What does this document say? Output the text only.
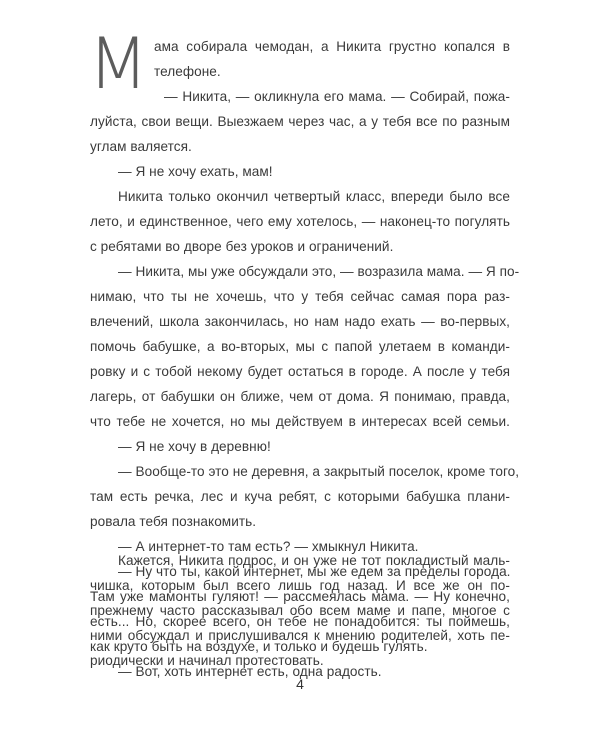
М ама собирала чемодан, а Никита грустно копался в
телефоне.
— Никита, — окликнула его мама. — Собирай, пожа-
луйста, свои вещи. Выезжаем через час, а у тебя все по разным
углам валяется.
— Я не хочу ехать, мам!
Никита только окончил четвертый класс, впереди было все
лето, и единственное, чего ему хотелось, — наконец-то погулять
с ребятами во дворе без уроков и ограничений.
— Никита, мы уже обсуждали это, — возразила мама. — Я по-
нимаю, что ты не хочешь, что у тебя сейчас самая пора раз-
влечений, школа закончилась, но нам надо ехать — во-первых,
помочь бабушке, а во-вторых, мы с папой улетаем в команди-
ровку и с тобой некому будет остаться в городе. А после у тебя
лагерь, от бабушки он ближе, чем от дома. Я понимаю, правда,
что тебе не хочется, но мы действуем в интересах всей семьи.
— Я не хочу в деревню!
— Вообще-то это не деревня, а закрытый поселок, кроме того,
там есть речка, лес и куча ребят, с которыми бабушка плани-
ровала тебя познакомить.
— А интернет-то там есть? — хмыкнул Никита.
— Ну что ты, какой интернет, мы же едем за пределы города.
Там уже мамонты гуляют! — рассмеялась мама. — Ну конечно,
есть... Но, скорее всего, он тебе не понадобится: ты поймешь,
как круто быть на воздухе, и только и будешь гулять.
— Вот, хоть интернет есть, одна радость.
Кажется, Никита подрос, и он уже не тот покладистый маль-
чишка, которым был всего лишь год назад. И все же он по-
прежнему часто рассказывал обо всем маме и папе, многое с
ними обсуждал и прислушивался к мнению родителей, хоть пе-
риодически и начинал протестовать.
4
